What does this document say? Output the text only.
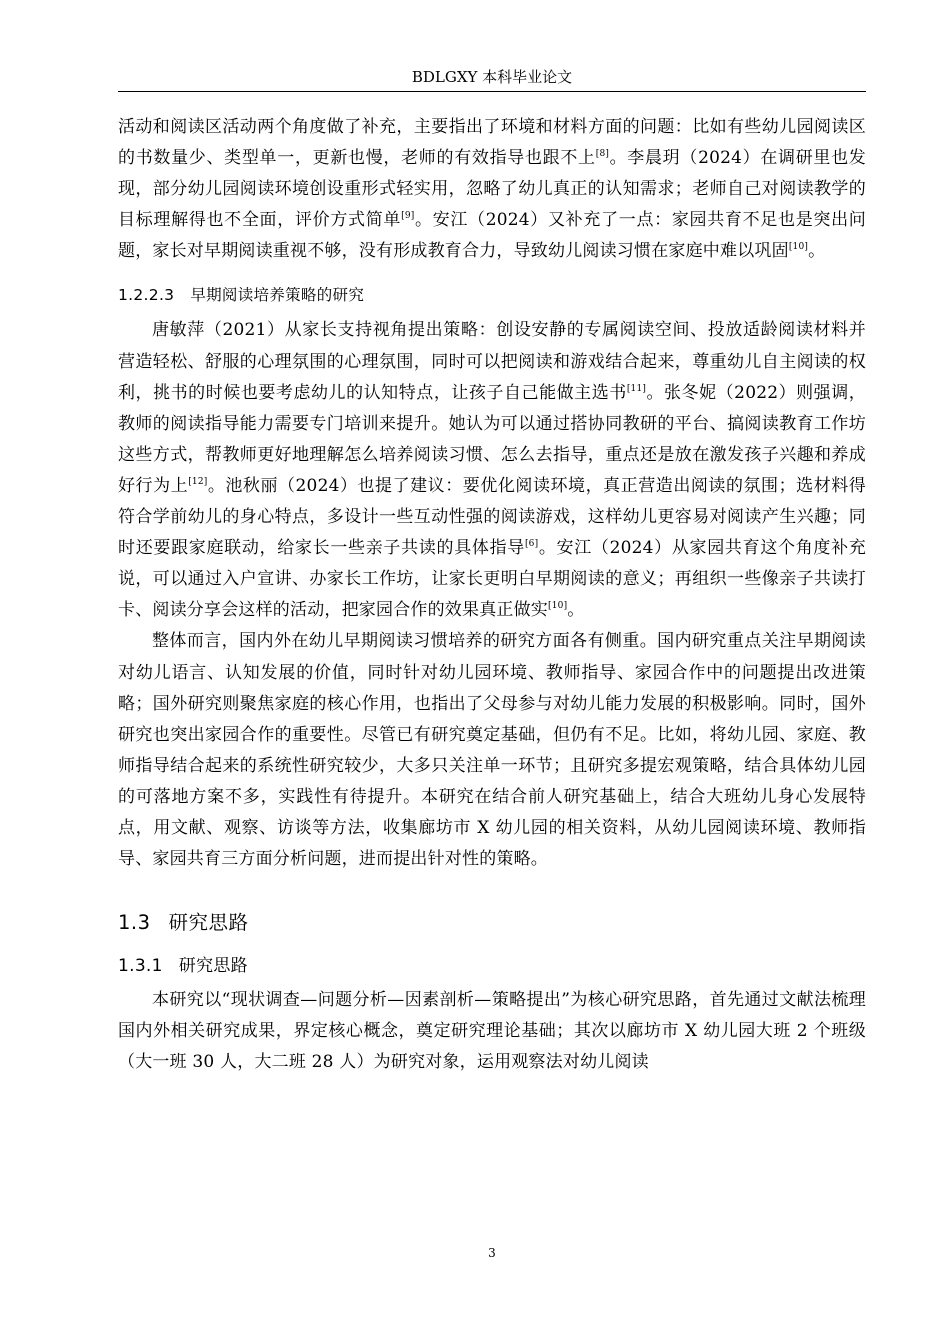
BDLGXY 本科毕业论文

活动和阅读区活动两个角度做了补充，主要指出了环境和材料方面的问题：比如有些幼儿园阅读区的书数量少、类型单一，更新也慢，老师的有效指导也跟不上[8]。李晨玥（2024）在调研里也发现，部分幼儿园阅读环境创设重形式轻实用，忽略了幼儿真正的认知需求；老师自己对阅读教学的目标理解得也不全面，评价方式简单[9]。安江（2024）又补充了一点：家园共育不足也是突出问题，家长对早期阅读重视不够，没有形成教育合力，导致幼儿阅读习惯在家庭中难以巩固[10]。

1.2.2.3 早期阅读培养策略的研究

唐敏萍（2021）从家长支持视角提出策略：创设安静的专属阅读空间、投放适龄阅读材料并营造轻松、舒服的心理氛围的心理氛围，同时可以把阅读和游戏结合起来，尊重幼儿自主阅读的权利，挑书的时候也要考虑幼儿的认知特点，让孩子自己能做主选书[11]。张冬妮（2022）则强调，教师的阅读指导能力需要专门培训来提升。她认为可以通过搭协同教研的平台、搞阅读教育工作坊这些方式，帮教师更好地理解怎么培养阅读习惯、怎么去指导，重点还是放在激发孩子兴趣和养成好行为上[12]。池秋丽（2024）也提了建议：要优化阅读环境，真正营造出阅读的氛围；选材料得符合学前幼儿的身心特点，多设计一些互动性强的阅读游戏，这样幼儿更容易对阅读产生兴趣；同时还要跟家庭联动，给家长一些亲子共读的具体指导[6]。安江（2024）从家园共育这个角度补充说，可以通过入户宣讲、办家长工作坊，让家长更明白早期阅读的意义；再组织一些像亲子共读打卡、阅读分享会这样的活动，把家园合作的效果真正做实[10]。

整体而言，国内外在幼儿早期阅读习惯培养的研究方面各有侧重。国内研究重点关注早期阅读对幼儿语言、认知发展的价值，同时针对幼儿园环境、教师指导、家园合作中的问题提出改进策略；国外研究则聚焦家庭的核心作用，也指出了父母参与对幼儿能力发展的积极影响。同时，国外研究也突出家园合作的重要性。尽管已有研究奠定基础，但仍有不足。比如，将幼儿园、家庭、教师指导结合起来的系统性研究较少，大多只关注单一环节；且研究多提宏观策略，结合具体幼儿园的可落地方案不多，实践性有待提升。本研究在结合前人研究基础上，结合大班幼儿身心发展特点，用文献、观察、访谈等方法，收集廊坊市 X 幼儿园的相关资料，从幼儿园阅读环境、教师指导、家园共育三方面分析问题，进而提出针对性的策略。

1.3 研究思路
1.3.1 研究思路

本研究以“现状调查—问题分析—因素剖析—策略提出”为核心研究思路，首先通过文献法梳理国内外相关研究成果，界定核心概念，奠定研究理论基础；其次以廊坊市 X 幼儿园大班 2 个班级（大一班 30 人，大二班 28 人）为研究对象，运用观察法对幼儿阅读

3
